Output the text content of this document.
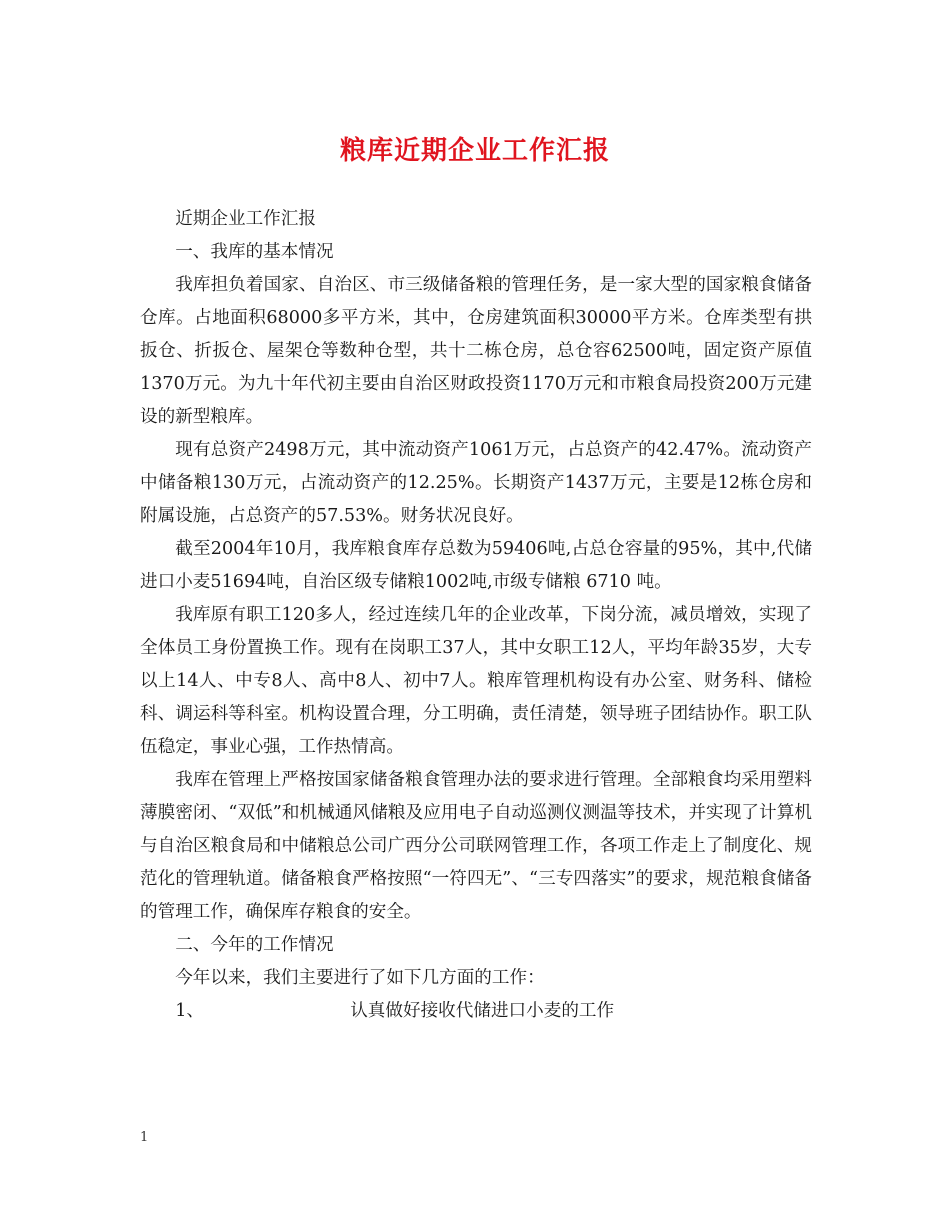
粮库近期企业工作汇报

近期企业工作汇报

一、我库的基本情况

我库担负着国家、自治区、市三级储备粮的管理任务，是一家大型的国家粮食储备仓库。占地面积68000多平方米，其中，仓房建筑面积30000平方米。仓库类型有拱扳仓、折扳仓、屋架仓等数种仓型，共十二栋仓房，总仓容62500吨，固定资产原值1370万元。为九十年代初主要由自治区财政投资1170万元和市粮食局投资200万元建设的新型粮库。

现有总资产2498万元，其中流动资产1061万元，占总资产的42.47%。流动资产中储备粮130万元，占流动资产的12.25%。长期资产1437万元，主要是12栋仓房和附属设施，占总资产的57.53%。财务状况良好。

截至2004年10月，我库粮食库存总数为59406吨,占总仓容量的95%，其中,代储进口小麦51694吨，自治区级专储粮1002吨,市级专储粮 6710 吨。

我库原有职工120多人，经过连续几年的企业改革，下岗分流，减员增效，实现了全体员工身份置换工作。现有在岗职工37人，其中女职工12人，平均年龄35岁，大专以上14人、中专8人、高中8人、初中7人。粮库管理机构设有办公室、财务科、储检科、调运科等科室。机构设置合理，分工明确，责任清楚，领导班子团结协作。职工队伍稳定，事业心强，工作热情高。

我库在管理上严格按国家储备粮食管理办法的要求进行管理。全部粮食均采用塑料薄膜密闭、“双低”和机械通风储粮及应用电子自动巡测仪测温等技术，并实现了计算机与自治区粮食局和中储粮总公司广西分公司联网管理工作，各项工作走上了制度化、规范化的管理轨道。储备粮食严格按照“一符四无”、“三专四落实”的要求，规范粮食储备的管理工作，确保库存粮食的安全。

二、今年的工作情况

今年以来，我们主要进行了如下几方面的工作：

1、	认真做好接收代储进口小麦的工作
1
